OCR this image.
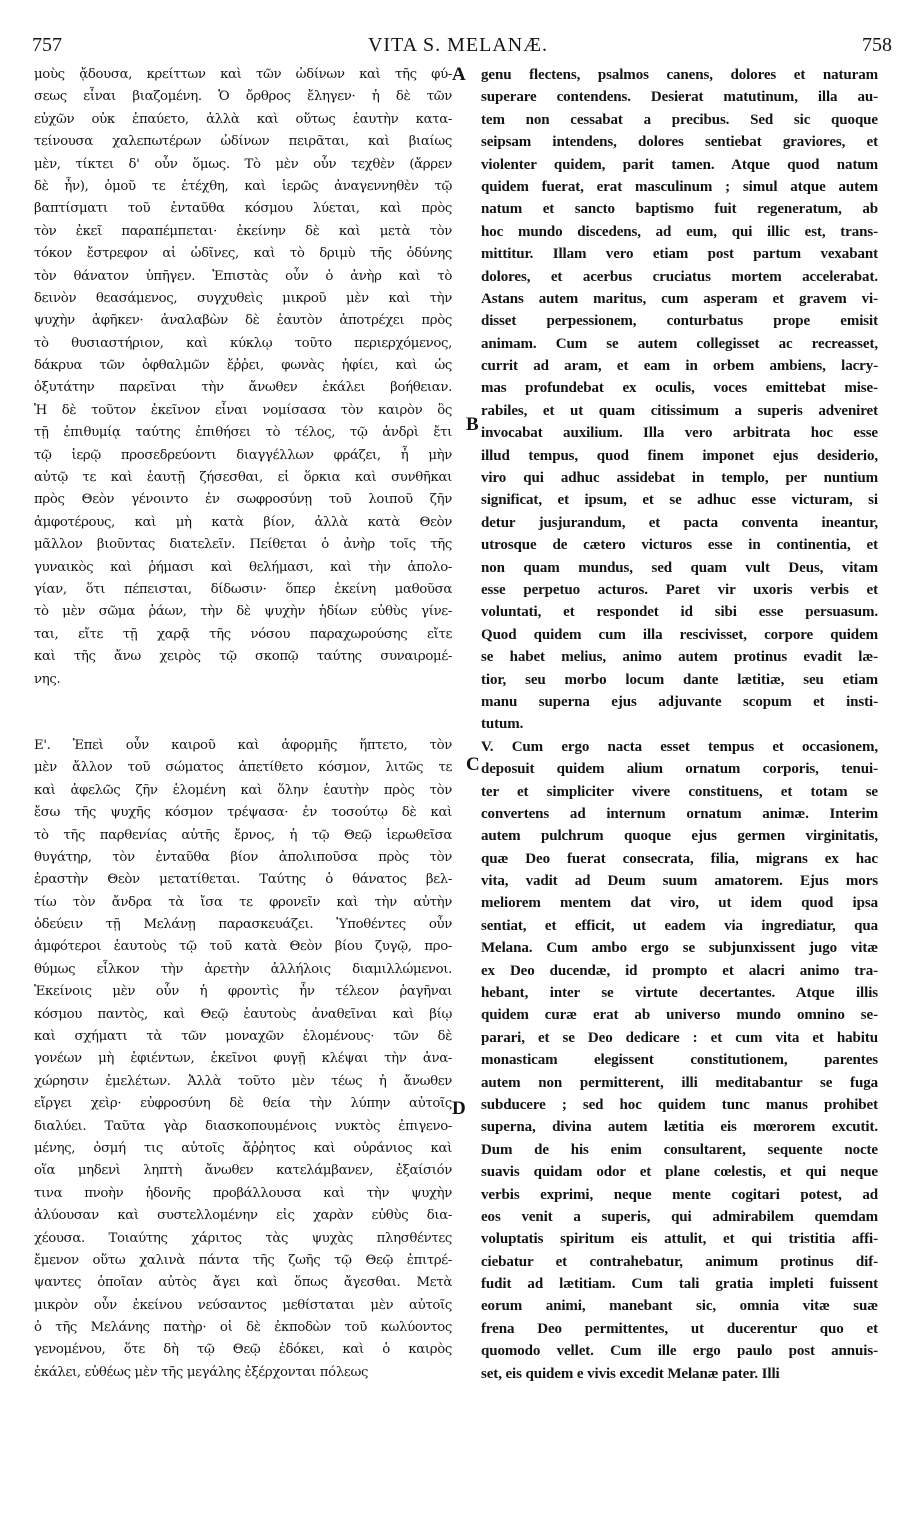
757	VITA S. MELANÆ.	758
μοὺς ᾄδουσα, κρείττων καὶ τῶν ὠδίνων καὶ τῆς φύ-
σεως εἶναι βιαζομένη. Ὁ ὄρθρος ἔληγεν· ἡ δὲ τῶν
εὐχῶν οὐκ ἐπαύετο, ἀλλὰ καὶ οὕτως ἑαυτὴν κατα-
τείνουσα χαλεπωτέρων ὠδίνων πειρᾶται, καὶ βιαίως
μὲν, τίκτει δ' οὖν ὅμως. Τὸ μὲν οὖν τεχθὲν (ἄρρεν
δὲ ἦν), ὁμοῦ τε ἐτέχθη, καὶ ἱερῶς ἀναγεννηθὲν τῷ
βαπτίσματι τοῦ ἐνταῦθα κόσμου λύεται, καὶ πρὸς
τὸν ἐκεῖ παραπέμπεται· ἐκείνην δὲ καὶ μετὰ τὸν
τόκον ἔστρεφον αἱ ὠδῖνες, καὶ τὸ δριμὺ τῆς ὀδύνης
τὸν θάνατον ὑπῆγεν. Ἐπιστὰς οὖν ὁ ἀνὴρ καὶ τὸ
δεινὸν θεασάμενος, συγχυθεὶς μικροῦ μὲν καὶ τὴν
ψυχὴν ἀφῆκεν· ἀναλαβὼν δὲ ἑαυτὸν ἀποτρέχει πρὸς
τὸ θυσιαστήριον, καὶ κύκλῳ τοῦτο περιερχόμενος,
δάκρυα τῶν ὀφθαλμῶν ἔῤῥει, φωνὰς ἠφίει, καὶ ὡς
ὀξυτάτην παρεῖναι τὴν ἄνωθεν ἐκάλει βοήθειαν.
Ἡ δὲ τοῦτον ἐκεῖνον εἶναι νομίσασα τὸν καιρὸν ὃς
τῇ ἐπιθυμίᾳ ταύτης ἐπιθήσει τὸ τέλος, τῷ ἀνδρὶ ἔτι
τῷ ἱερῷ προσεδρεύοντι διαγγέλλων φράζει, ἦ μὴν
αὐτῷ τε καὶ ἑαυτῇ ζήσεσθαι, εἰ ὅρκια καὶ συνθῆκαι
πρὸς Θεὸν γένοιντο ἐν σωφροσύνῃ τοῦ λοιποῦ ζῆν
ἀμφοτέρους, καὶ μὴ κατὰ βίον, ἀλλὰ κατὰ Θεὸν
μᾶλλον βιοῦντας διατελεῖν. Πείθεται ὁ ἀνὴρ τοῖς τῆς
γυναικὸς καὶ ῥήμασι καὶ θελήμασι, καὶ τὴν ἀπολο-
γίαν, ὅτι πέπεισται, δίδωσιν· ὅπερ ἐκείνη μαθοῦσα
τὸ μὲν σῶμα ῥάων, τὴν δὲ ψυχὴν ἡδίων εὐθὺς γίνε-
ται, εἴτε τῇ χαρᾷ τῆς νόσου παραχωρούσης εἴτε
καὶ τῆς ἄνω χειρὸς τῷ σκοπῷ ταύτης συναιρομέ-
νης.
Ε'. Ἐπεὶ οὖν καιροῦ καὶ ἀφορμῆς ἥπτετο, τὸν
μὲν ἄλλον τοῦ σώματος ἀπετίθετο κόσμον, λιτῶς τε
καὶ ἀφελῶς ζῆν ἑλομένη καὶ ὅλην ἑαυτὴν πρὸς τὸν
ἔσω τῆς ψυχῆς κόσμον τρέψασα· ἐν τοσούτῳ δὲ καὶ
τὸ τῆς παρθενίας αὐτῆς ἔρνος, ἡ τῷ Θεῷ ἱερωθεῖσα
θυγάτηρ, τὸν ἐνταῦθα βίον ἀπολιποῦσα πρὸς τὸν
ἐραστὴν Θεὸν μετατίθεται. Ταύτης ὁ θάνατος βελ-
τίω τὸν ἄνδρα τὰ ἴσα τε φρονεῖν καὶ τὴν αὐτὴν
ὁδεύειν τῇ Μελάνῃ παρασκευάζει. Ὑποθέντες οὖν
ἀμφότεροι ἑαυτοὺς τῷ τοῦ κατὰ Θεὸν βίου ζυγῷ, προ-
θύμως εἷλκον τὴν ἀρετὴν ἀλλήλοις διαμιλλώμενοι.
Ἐκείνοις μὲν οὖν ἡ φροντὶς ἦν τέλεον ῥαγῆναι
κόσμου παντὸς, καὶ Θεῷ ἑαυτοὺς ἀναθεῖναι καὶ βίῳ
καὶ σχήματι τὰ τῶν μοναχῶν ἑλομένους· τῶν δὲ
γονέων μὴ ἐφιέντων, ἐκεῖνοι φυγῇ κλέψαι τὴν ἀνα-
χώρησιν ἐμελέτων. Ἀλλὰ τοῦτο μὲν τέως ἡ ἄνωθεν
εἴργει χεὶρ· εὐφροσύνη δὲ θεία τὴν λύπην αὐτοῖς
διαλύει. Ταῦτα γὰρ διασκοπουμένοις νυκτὸς ἐπιγενο-
μένης, ὀσμή τις αὐτοῖς ἄῤῥητος καὶ οὐράνιος καὶ
οἵα μηδενὶ ληπτὴ ἄνωθεν κατελάμβανεν, ἐξαίσιόν
τινα πνοὴν ἡδονῆς προβάλλουσα καὶ τὴν ψυχὴν
ἀλύουσαν καὶ συστελλομένην εἰς χαρὰν εὐθὺς δια-
χέουσα. Τοιαύτης χάριτος τὰς ψυχὰς πλησθέντες
ἔμενον οὕτω χαλινὰ πάντα τῆς ζωῆς τῷ Θεῷ ἐπιτρέ-
ψαντες ὁποῖαν αὐτὸς ἄγει καὶ ὅπως ἄγεσθαι. Μετὰ
μικρὸν οὖν ἐκείνου νεύσαντος μεθίσταται μὲν αὐτοῖς
ὁ τῆς Μελάνης πατὴρ· οἱ δὲ ἐκποδὼν τοῦ κωλύοντος
γενομένου, ὅτε δὴ τῷ Θεῷ ἐδόκει, καὶ ὁ καιρὸς
ἐκάλει, εὐθέως μὲν τῆς μεγάλης ἐξέρχονται πόλεως
genu flectens, psalmos canens, dolores et naturam
superare contendens. Desierat matutinum, illa au-
tem non cessabat a precibus. Sed sic quoque
seipsam intendens, dolores sentiebat graviores, et
violenter quidem, parit tamen. Atque quod natum
quidem fuerat, erat masculinum ; simul atque autem
natum et sancto baptismo fuit regeneratum, ab
hoc mundo discedens, ad eum, qui illic est, trans-
mittitur. Illam vero etiam post partum vexabant
dolores, et acerbus cruciatus mortem accelerabat.
Astans autem maritus, cum asperam et gravem vi-
disset perpessionem, conturbatus prope emisit
animam. Cum se autem collegisset ac recreasset,
currit ad aram, et eam in orbem ambiens, lacry-
mas profundebat ex oculis, voces emittebat mise-
rabiles, et ut quam citissimum a superis adveniret
invocabat auxilium. Illa vero arbitrata hoc esse
illud tempus, quod finem imponet ejus desiderio,
viro qui adhuc assidebat in templo, per nuntium
significat, et ipsum, et se adhuc esse victuram, si
detur jusjurandum, et pacta conventa ineantur,
utrosque de cætero victuros esse in continentia, et
non quam mundus, sed quam vult Deus, vitam
esse perpetuo acturos. Paret vir uxoris verbis et
voluntati, et respondet id sibi esse persuasum.
Quod quidem cum illa rescivisset, corpore quidem
se habet melius, animo autem protinus evadit læ-
tior, seu morbo locum dante lætitiæ, seu etiam
manu superna ejus adjuvante scopum et insti-
tutum.
V. Cum ergo nacta esset tempus et occasionem,
deposuit quidem alium ornatum corporis, tenui-
ter et simpliciter vivere constituens, et totam se
convertens ad internum ornatum animæ. Interim
autem pulchrum quoque ejus germen virginitatis,
quæ Deo fuerat consecrata, filia, migrans ex hac
vita, vadit ad Deum suum amatorem. Ejus mors
meliorem mentem dat viro, ut idem quod ipsa
sentiat, et efficit, ut eadem via ingrediatur, qua
Melana. Cum ambo ergo se subjunxissent jugo vitæ
ex Deo ducendæ, id prompto et alacri animo tra-
hebant, inter se virtute decertantes. Atque illis
quidem curæ erat ab universo mundo omnino se-
parari, et se Deo dedicare : et cum vita et habitu
monasticam elegissent constitutionem, parentes
autem non permitterent, illi meditabantur se fuga
subducere ; sed hoc quidem tunc manus prohibet
superna, divina autem lætitia eis mœrorem excutit.
Dum de his enim consultarent, sequente nocte
suavis quidam odor et plane cœlestis, et qui neque
verbis exprimi, neque mente cogitari potest, ad
eos venit a superis, qui admirabilem quemdam
voluptatis spiritum eis attulit, et qui tristitia affi-
ciebatur et contrahebatur, animum protinus dif-
fudit ad lætitiam. Cum tali gratia impleti fuissent
eorum animi, manebant sic, omnia vitæ suæ
frena Deo permittentes, ut ducerentur quo et
quomodo vellet. Cum ille ergo paulo post annuis-
set, eis quidem e vivis excedit Melanæ pater. Illi
A
B
C
D
